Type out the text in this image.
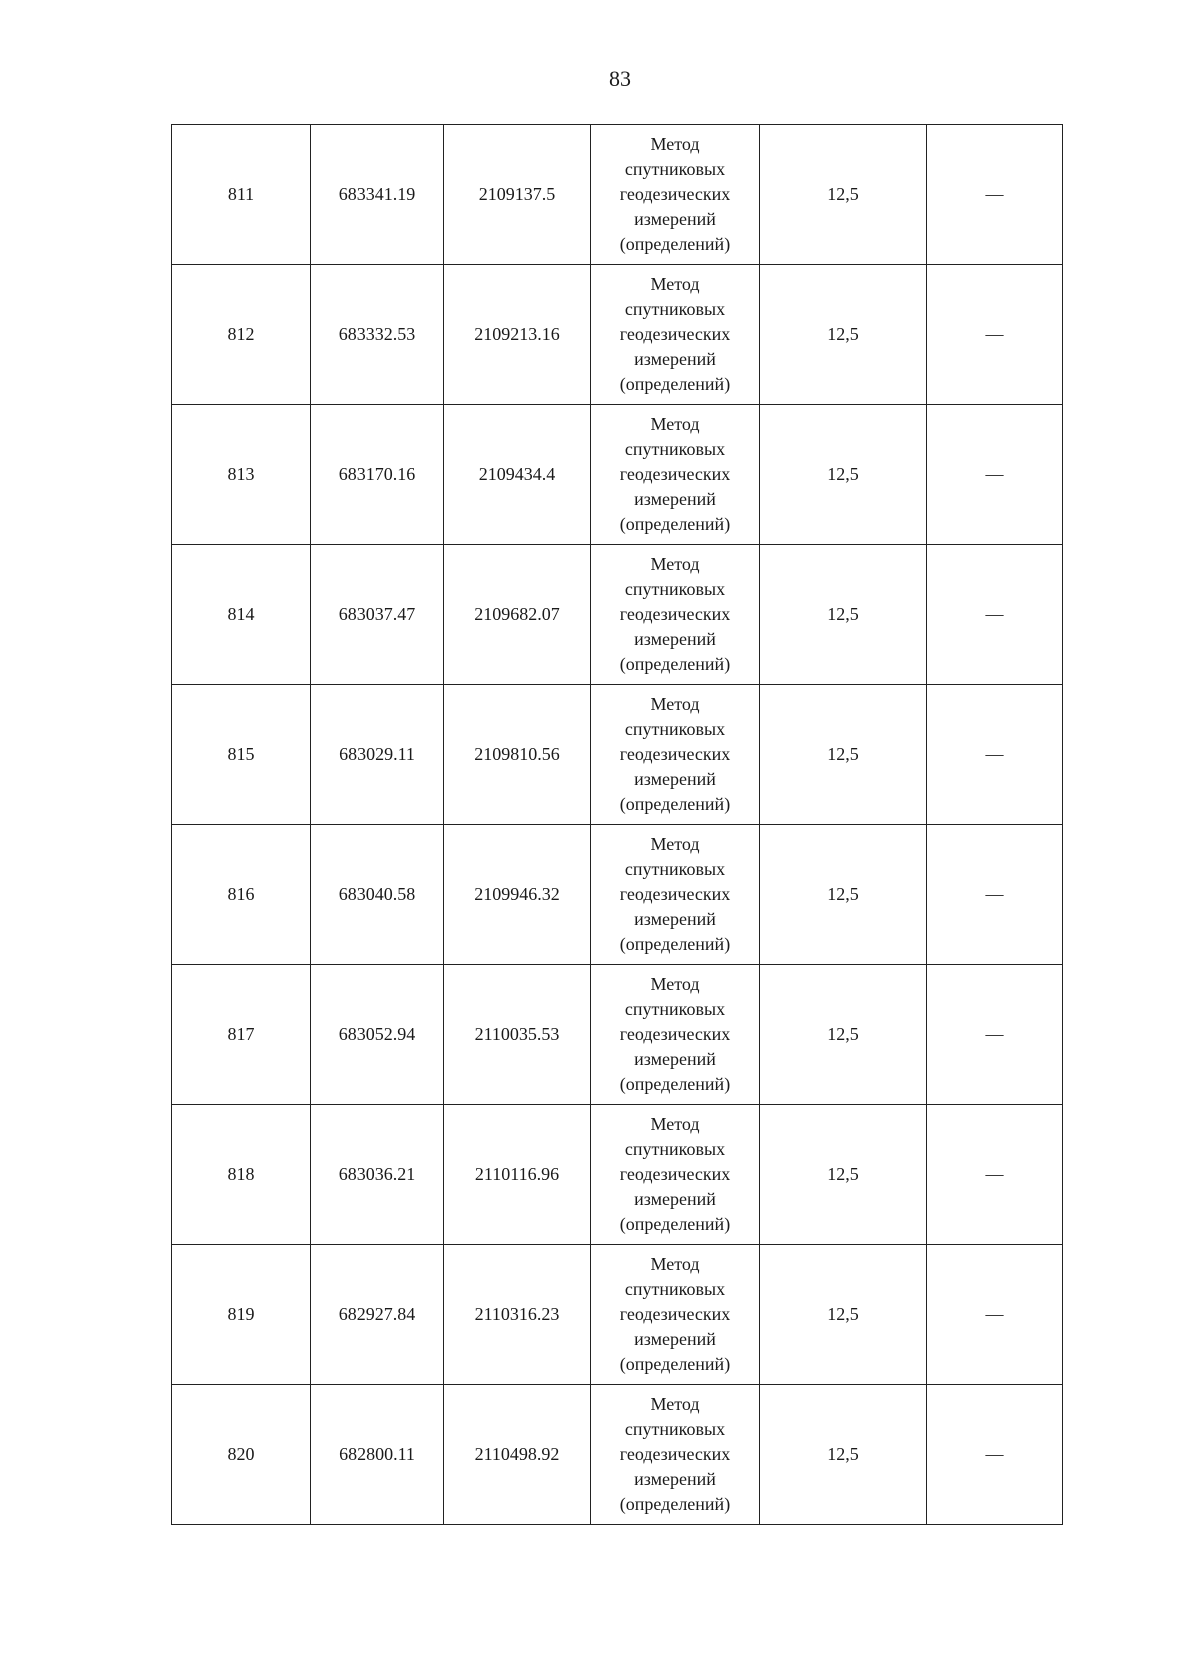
83
811	683341.19	2109137.5	Метод
спутниковых
геодезических
измерений
(определений)	12,5	—
812	683332.53	2109213.16	Метод
спутниковых
геодезических
измерений
(определений)	12,5	—
813	683170.16	2109434.4	Метод
спутниковых
геодезических
измерений
(определений)	12,5	—
814	683037.47	2109682.07	Метод
спутниковых
геодезических
измерений
(определений)	12,5	—
815	683029.11	2109810.56	Метод
спутниковых
геодезических
измерений
(определений)	12,5	—
816	683040.58	2109946.32	Метод
спутниковых
геодезических
измерений
(определений)	12,5	—
817	683052.94	2110035.53	Метод
спутниковых
геодезических
измерений
(определений)	12,5	—
818	683036.21	2110116.96	Метод
спутниковых
геодезических
измерений
(определений)	12,5	—
819	682927.84	2110316.23	Метод
спутниковых
геодезических
измерений
(определений)	12,5	—
820	682800.11	2110498.92	Метод
спутниковых
геодезических
измерений
(определений)	12,5	—
